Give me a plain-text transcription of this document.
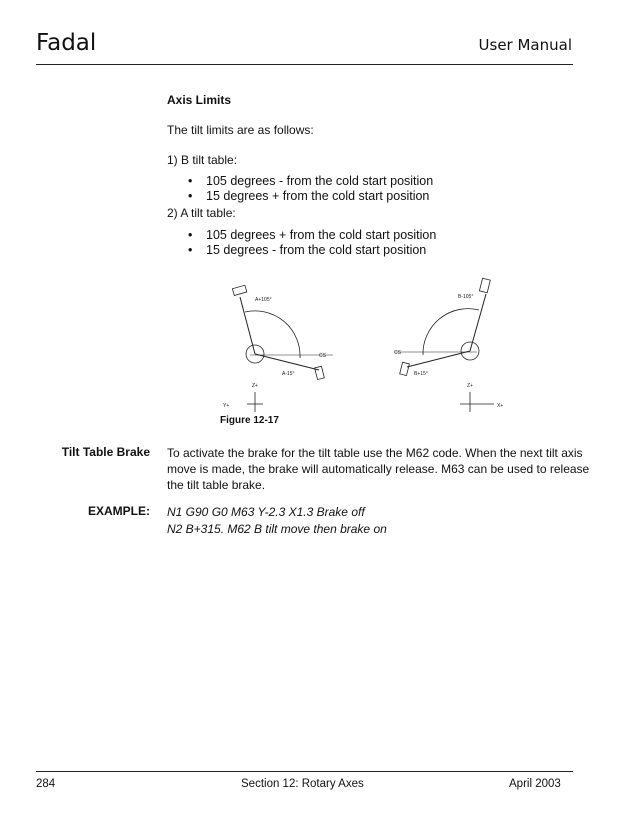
Fadal	User Manual
Axis Limits
The tilt limits are as follows:
1) B tilt table:
• 105 degrees - from the cold start position
• 15 degrees + from the cold start position
2) A tilt table:
• 105 degrees + from the cold start position
• 15 degrees - from the cold start position
A+105°
CS
A-15°
Z+
Y+
B-105°
CS
B+15°
Z+
X+
Figure 12-17
Tilt Table Brake To activate the brake for the tilt table use the M62 code. When the next tilt axis
move is made, the brake will automatically release. M63 can be used to release
the tilt table brake.
EXAMPLE: N1 G90 G0 M63 Y-2.3 X1.3 Brake off
N2 B+315. M62 B tilt move then brake on
284	Section 12: Rotary Axes	April 2003
